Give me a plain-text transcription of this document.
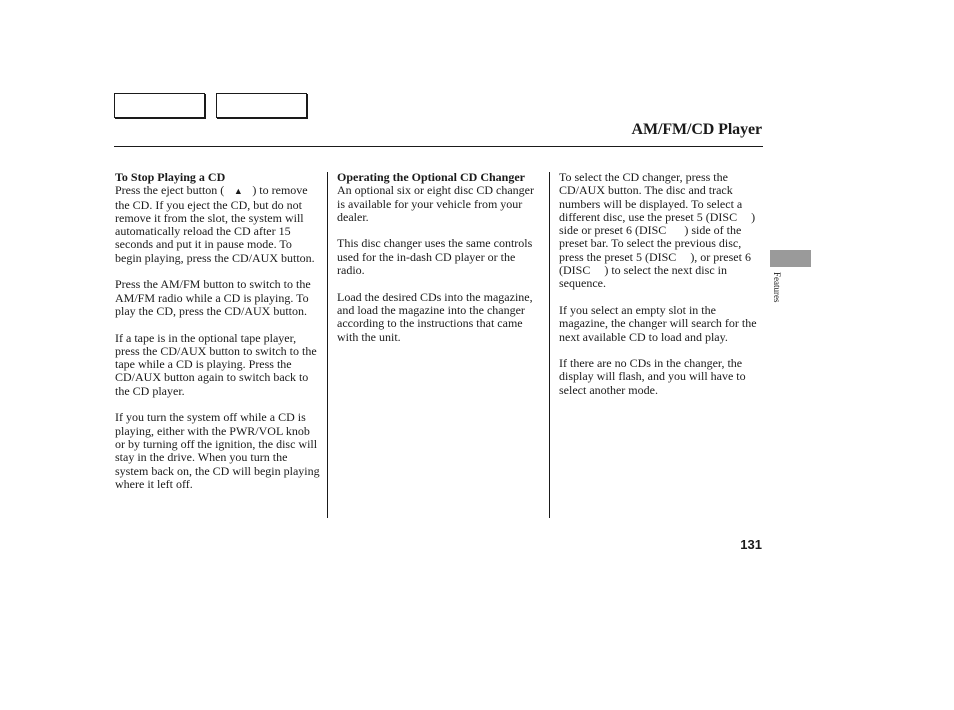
AM/FM/CD Player
To Stop Playing a CD

Press the eject button ( ▲ ) to remove the CD. If you eject the CD, but do not remove it from the slot, the system will automatically reload the CD after 15 seconds and put it in pause mode. To begin playing, press the CD/AUX button.

Press the AM/FM button to switch to the AM/FM radio while a CD is playing. To play the CD, press the CD/AUX button.

If a tape is in the optional tape player, press the CD/AUX button to switch to the tape while a CD is playing. Press the CD/AUX button again to switch back to the CD player.

If you turn the system off while a CD is playing, either with the PWR/VOL knob or by turning off the ignition, the disc will stay in the drive. When you turn the system back on, the CD will begin playing where it left off.

Operating the Optional CD Changer

An optional six or eight disc CD changer is available for your vehicle from your dealer.

This disc changer uses the same controls used for the in-dash CD player or the radio.

Load the desired CDs into the magazine, and load the magazine into the changer according to the instructions that came with the unit.

To select the CD changer, press the CD/AUX button. The disc and track numbers will be displayed. To select a different disc, use the preset 5 (DISC ) side or preset 6 (DISC ) side of the preset bar. To select the previous disc, press the preset 5 (DISC ), or preset 6 (DISC ) to select the next disc in sequence.

If you select an empty slot in the magazine, the changer will search for the next available CD to load and play.

If there are no CDs in the changer, the display will flash, and you will have to select another mode.

Features
131
